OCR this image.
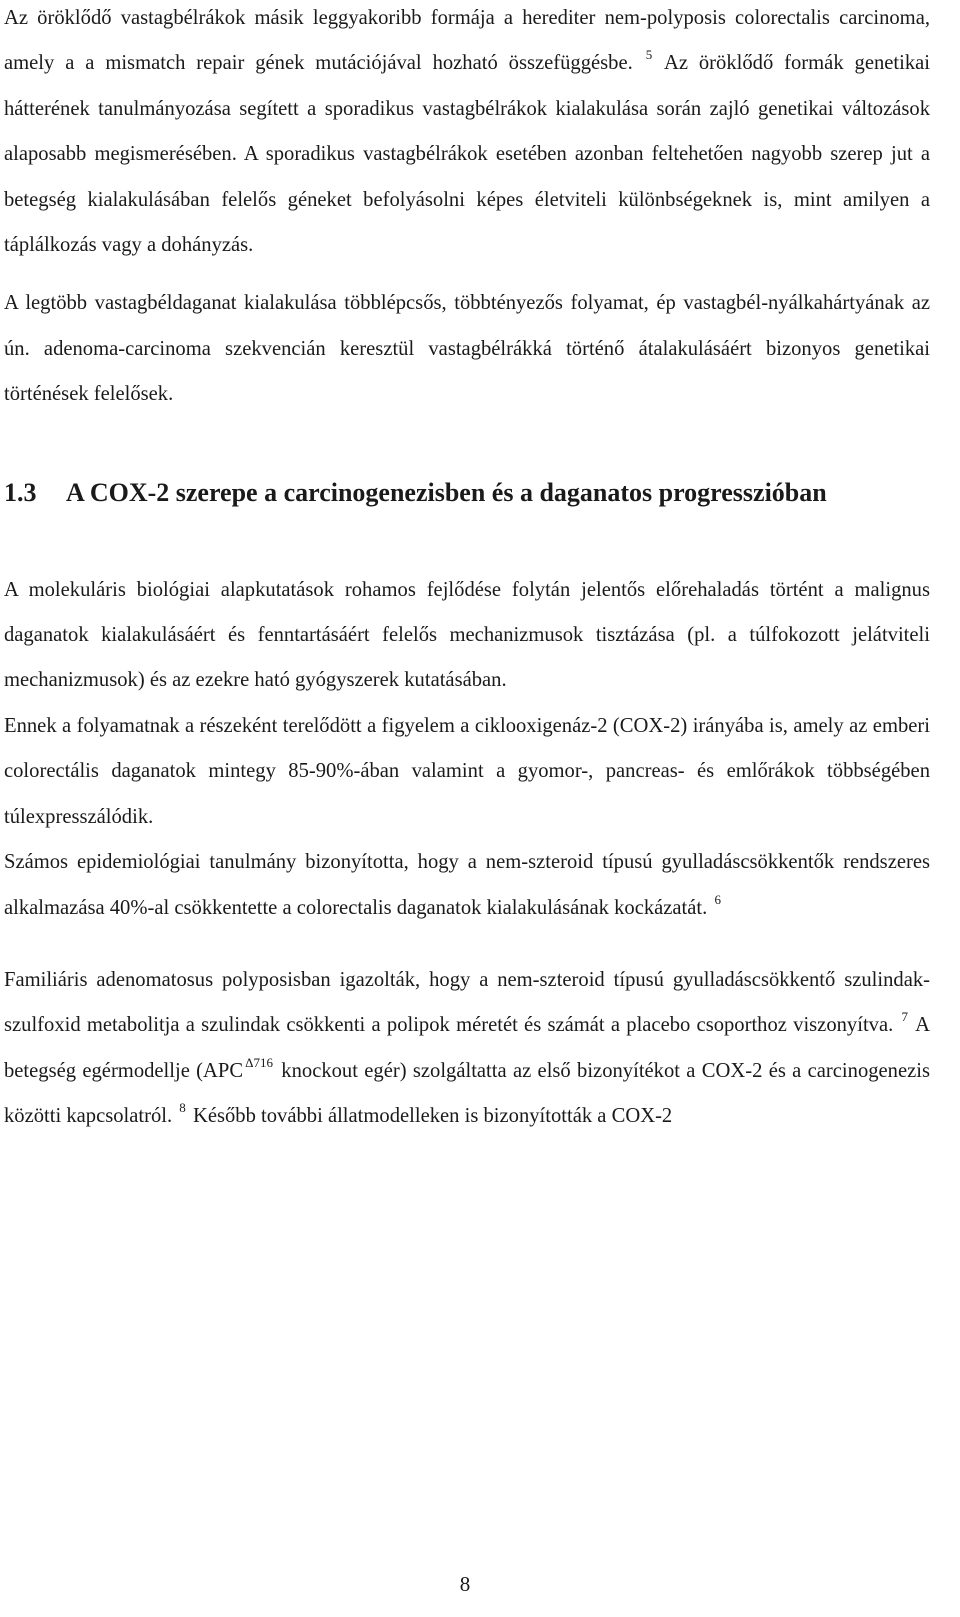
Az öröklődő vastagbélrákok másik leggyakoribb formája a herediter nem-polyposis colorectalis carcinoma, amely a a mismatch repair gének mutációjával hozható összefüggésbe. $^5$ Az öröklődő formák genetikai hátterének tanulmányozása segített a sporadikus vastagbélrákok kialakulása során zajló genetikai változások alaposabb megismerésében. A sporadikus vastagbélrákok esetében azonban feltehetően nagyobb szerep jut a betegség kialakulásában felelős géneket befolyásolni képes életviteli különbségeknek is, mint amilyen a táplálkozás vagy a dohányzás.

A legtöbb vastagbéldaganat kialakulása többlépcsős, többtényezős folyamat, ép vastagbél-nyálkahártyának az ún. adenoma-carcinoma szekvencián keresztül vastagbélrákká történő átalakulásáért bizonyos genetikai történések felelősek.

1.3	A COX-2 szerepe a carcinogenezisben és a daganatos progresszióban

A molekuláris biológiai alapkutatások rohamos fejlődése folytán jelentős előrehaladás történt a malignus daganatok kialakulásáért és fenntartásáért felelős mechanizmusok tisztázása (pl. a túlfokozott jelátviteli mechanizmusok) és az ezekre ható gyógyszerek kutatásában.

Ennek a folyamatnak a részeként terelődött a figyelem a ciklooxigenáz-2 (COX-2) irányába is, amely az emberi colorectális daganatok mintegy 85-90%-ában valamint a gyomor-, pancreas- és emlőrákok többségében túlexpresszálódik.

Számos epidemiológiai tanulmány bizonyította, hogy a nem-szteroid típusú gyulladáscsökkentők rendszeres alkalmazása 40%-al csökkentette a colorectalis daganatok kialakulásának kockázatát. $^6$

Familiáris adenomatosus polyposisban igazolták, hogy a nem-szteroid típusú gyulladáscsökkentő szulindak-szulfoxid metabolitja a szulindak csökkenti a polipok méretét és számát a placebo csoporthoz viszonyítva. $^7$ A betegség egérmodellje (APC $^{\Delta 716}$ knockout egér) szolgáltatta az első bizonyítékot a COX-2 és a carcinogenezis közötti kapcsolatról. $^8$ Később további állatmodelleken is bizonyították a COX-2

8
